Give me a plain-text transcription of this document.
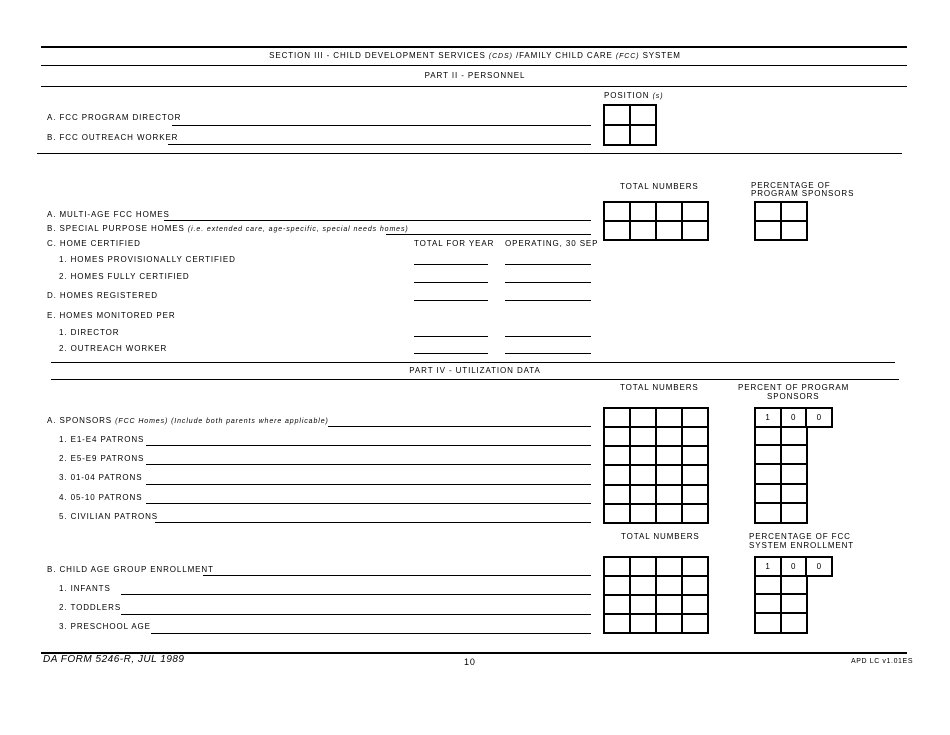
SECTION III - CHILD DEVELOPMENT SERVICES (CDS) /FAMILY CHILD CARE (FCC) SYSTEM
PART II - PERSONNEL
POSITION (s)
A. FCC PROGRAM DIRECTOR
B. FCC OUTREACH WORKER
TOTAL NUMBERS	PERCENTAGE OF
PROGRAM SPONSORS
A. MULTI-AGE FCC HOMES
B. SPECIAL PURPOSE HOMES (i.e. extended care, age-specific, special needs homes)
C. HOME CERTIFIED	TOTAL FOR YEAR OPERATING, 30 SEP
1. HOMES PROVISIONALLY CERTIFIED
2. HOMES FULLY CERTIFIED
D. HOMES REGISTERED
E. HOMES MONITORED PER
1. DIRECTOR
2. OUTREACH WORKER
PART IV - UTILIZATION DATA
TOTAL NUMBERS	PERCENT OF PROGRAM
SPONSORS
A. SPONSORS (FCC Homes) (Include both parents where applicable)
1. E1-E4 PATRONS
2. E5-E9 PATRONS
3. 01-04 PATRONS
4. 05-10 PATRONS
5. CIVILIAN PATRONS
1	0	0
TOTAL NUMBERS	PERCENTAGE OF FCC
SYSTEM ENROLLMENT
B. CHILD AGE GROUP ENROLLMENT
1. INFANTS
2. TODDLERS
3. PRESCHOOL AGE
1	0	0
DA FORM 5246-R, JUL 1989	10	APD LC v1.01ES
